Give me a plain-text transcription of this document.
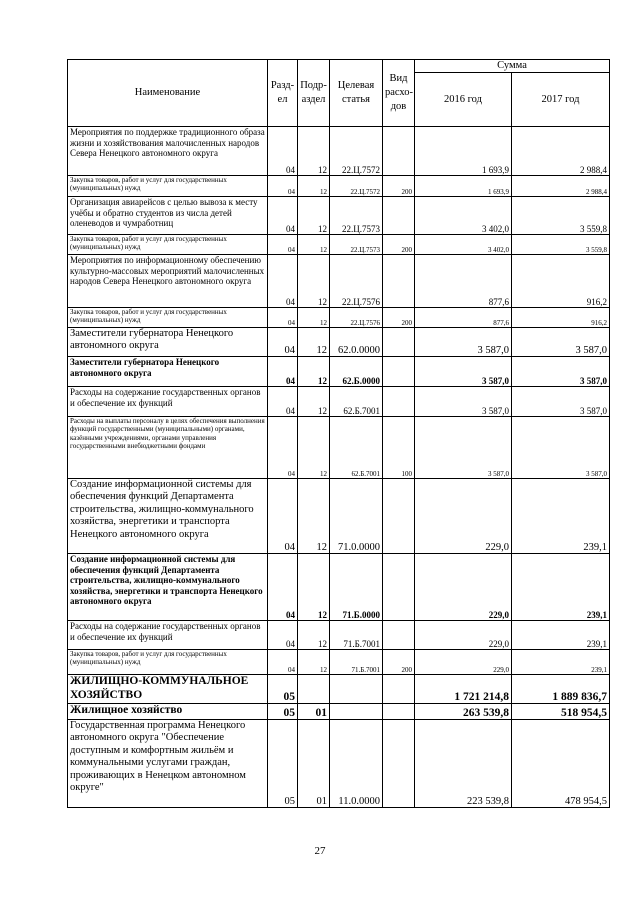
Наименование	Раздел	Подраздел	Целевая статья	Вид расходов	Сумма	
					2016 год	2017 год
Мероприятия по поддержке традиционного образа жизни и хозяйствования малочисленных народов Севера Ненецкого автономного округа	04	12	22.Ц.7572		1 693,9	2 988,4
Закупка товаров, работ и услуг для государственных (муниципальных) нужд	04	12	22.Ц.7572	200	1 693,9	2 988,4
Организация авиарейсов с целью вывоза к месту учёбы и обратно студентов из числа детей оленеводов и чумработниц	04	12	22.Ц.7573		3 402,0	3 559,8
Закупка товаров, работ и услуг для государственных (муниципальных) нужд	04	12	22.Ц.7573	200	3 402,0	3 559,8
Мероприятия по информационному обеспечению культурно-массовых мероприятий малочисленных народов Севера Ненецкого автономного округа	04	12	22.Ц.7576		877,6	916,2
Закупка товаров, работ и услуг для государственных (муниципальных) нужд	04	12	22.Ц.7576	200	877,6	916,2
Заместители губернатора Ненецкого автономного округа	04	12	62.0.0000		3 587,0	3 587,0
Заместители губернатора Ненецкого автономного округа	04	12	62.Б.0000		3 587,0	3 587,0
Расходы на содержание государственных органов и обеспечение их функций	04	12	62.Б.7001		3 587,0	3 587,0
Расходы на выплаты персоналу в целях обеспечения выполнения функций государственными (муниципальными) органами, казёнными учреждениями, органами управления государственными внебюджетными фондами	04	12	62.Б.7001	100	3 587,0	3 587,0
Создание информационной системы для обеспечения функций Департамента строительства, жилищно-коммунального хозяйства, энергетики и транспорта Ненецкого автономного округа	04	12	71.0.0000		229,0	239,1
Создание информационной системы для обеспечения функций Департамента строительства, жилищно-коммунального хозяйства, энергетики и транспорта Ненецкого автономного округа	04	12	71.Б.0000		229,0	239,1
Расходы на содержание государственных органов и обеспечение их функций	04	12	71.Б.7001		229,0	239,1
Закупка товаров, работ и услуг для государственных (муниципальных) нужд	04	12	71.Б.7001	200	229,0	239,1
ЖИЛИЩНО-КОММУНАЛЬНОЕ ХОЗЯЙСТВО	05				1 721 214,8	1 889 836,7
Жилищное хозяйство	05	01			263 539,8	518 954,5
Государственная программа Ненецкого автономного округа "Обеспечение доступным и комфортным жильём и коммунальными услугами граждан, проживающих в Ненецком автономном округе"	05	01	11.0.0000		223 539,8	478 954,5
27
